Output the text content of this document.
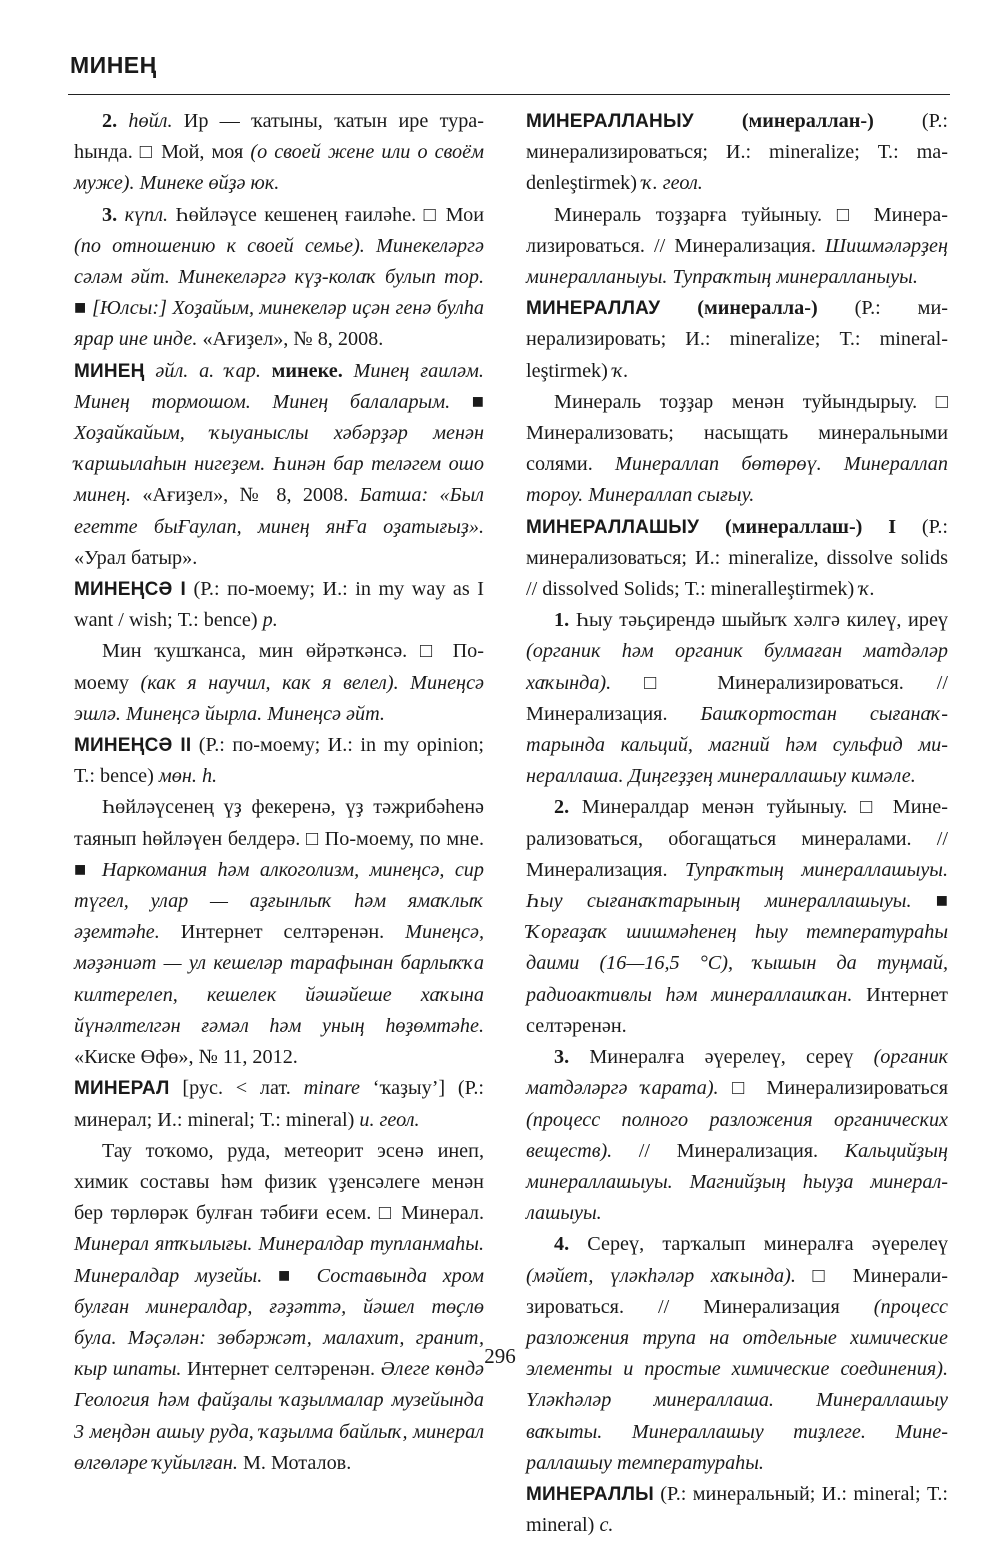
МИНЕҢ

2. һөйл. Ир — ҡатыны, ҡатын ире тураһында. □ Мой, моя (о своей жене или о своём муже). Минеке өйҙә юк.

3. күпл. Һөйләүсе кешенең ғаиләһе. □ Мои (по отношению к своей семье). Минекеләргә сәләм әйт. Минекеләргә күҙ-колаҡ булып тор. ■ [Юлсы:] Хоҙайым, минекеләр иҫән генә булһа ярар ине инде. «Ағиҙел», № 8, 2008.

МИНЕҢ әйл. а. ҡар. минеке. Минең ғаиләм. Минең тормошом. Минең балаларым. ■ Хоҙайкайым, ҡыуаныслы хәбәрҙәр менән ҡаршылаһын нигеҙем. Һинән бар теләгем ошо минең. «Ағиҙел», № 8, 2008. Батша: «Был егетте быҒаулап, минең янҒа оҙатығыҙ». «Урал батыр».

МИНЕҢСӘ I (Р.: по-моему; И.: in my way as I want / wish; Т.: bence) р.

Мин ҡушҡанса, мин өйрәткәнсә. □ Помоему (как я научил, как я велел). Минеңсә эшлә. Минеңсә йырла. Минеңсә әйт.

МИНЕҢСӘ II (Р.: по-моему; И.: in my opinion; Т.: bence) мөн. һ.

Һөйләүсенең үҙ фекеренә, үҙ тәжрибәһенә таянып һөйләүен белдерә. □ По-моему, по мне. ■ Наркомания һәм алкоголизм, минеңсә, сир түгел, улар — аҙғынлыҡ һәм ямаҡлыҡ әҙемтәһе. Интернет селтәренән. Минеңсә, мәҙәниәт — ул кешеләр тарафынан барлыҡҡа килтерелеп, кешелек йәшәйеше хаҡына йүнәлтелгән ғәмәл һәм уның һөҙөмтәһе. «Киске Өфө», № 11, 2012.

МИНЕРАЛ [рус. < лат. minare ‘ҡаҙыу’] (Р.: минерал; И.: mineral; Т.: mineral) и. геол.

Тау тоҡомо, руда, метеорит эсенә инеп, химик составы һәм физик үҙенсәлеге менән бер төрлөрәк булған тәбиғи есем. □ Минерал. Минерал ятҡылығы. Минералдар тупланмаһы. Минералдар музейы. ■ Составында хром булған минералдар, ғәҙәттә, йәшел төҫлө була. Мәҫәлән: зөбәржәт, малахит, гранит, кыр шпаты. Интернет селтәренән. Әлеге көндә Геология һәм файҙалы ҡаҙылмалар музейында 3 меңдән ашыу руда, ҡаҙылма байлыҡ, минерал өлгөләре ҡуйылған. М. Моталов.

МИНЕРАЛЛАНЫУ (минераллан-) (Р.: минерализироваться; И.: mineralize; Т.: madenleştirmek) ҡ. геол.

Минераль тоҙҙарға туйыныу. □ Минерализироваться. // Минерализация. Шишмәләрҙең минералланыуы. Тупраҡтың минералланыуы.

МИНЕРАЛЛАУ (минeралла-) (Р.: минерализировать; И.: mineralize; Т.: mineralleştirmek) ҡ.

Минераль тоҙҙар менән туйындырыу. □ Минерализовать; насыщать минеральными солями. Минераллап бөтөрөү. Минераллап тороу. Минераллап сығыу.

МИНЕРАЛЛАШЫУ (минераллаш-) I (Р.: минерализоваться; И.: mineralize, dissolve solids // dissolved Solids; Т.: mineralleştirmek) ҡ.

1. Һыу тәьҫирендә шыйыҡ хәлгә килеү, иреү (органик һәм органик булмаған матдәләр хаҡында). □ Минерализироваться. // Минерализация. Башҡортостан сығанаҡтарында кальций, магний һәм сульфид минераллаша. Диңгеҙҙең минераллашыу кимәле.

2. Минералдар менән туйыныу. □ Минерализоваться, обогащаться минералами. // Минерализация. Тупраҡтың минераллашыуы. Һыу сығанаҡтарының минераллашыуы. ■ Ҡорғаҙаҡ шишмәһенең һыу температураһы даими (16—16,5 °С), ҡышын да туңмай, радиоактивлы һәм минераллашҡан. Интернет селтәренән.

3. Минералға әүерелеү, сереү (органик матдәләргә ҡарата). □ Минерализироваться (процесс полного разложения органических веществ). // Минерализация. Кальцийҙың минераллашыуы. Магнийҙың һыуҙа минераллашыуы.

4. Сереү, тарҡалып минералға әүерелеү (мәйет, үләкһәләр хаҡында). □ Минерализироваться. // Минерализация (процесс разложения трупа на отдельные химические элементы и простые химические соединения). Үләкһәләр минераллаша. Минераллашыу ваҡыты. Минераллашыу тиҙлеге. Минераллашыу температураһы.

МИНЕРАЛЛЫ (Р.: минеральный; И.: mineral; Т.: mineral) с.

296
